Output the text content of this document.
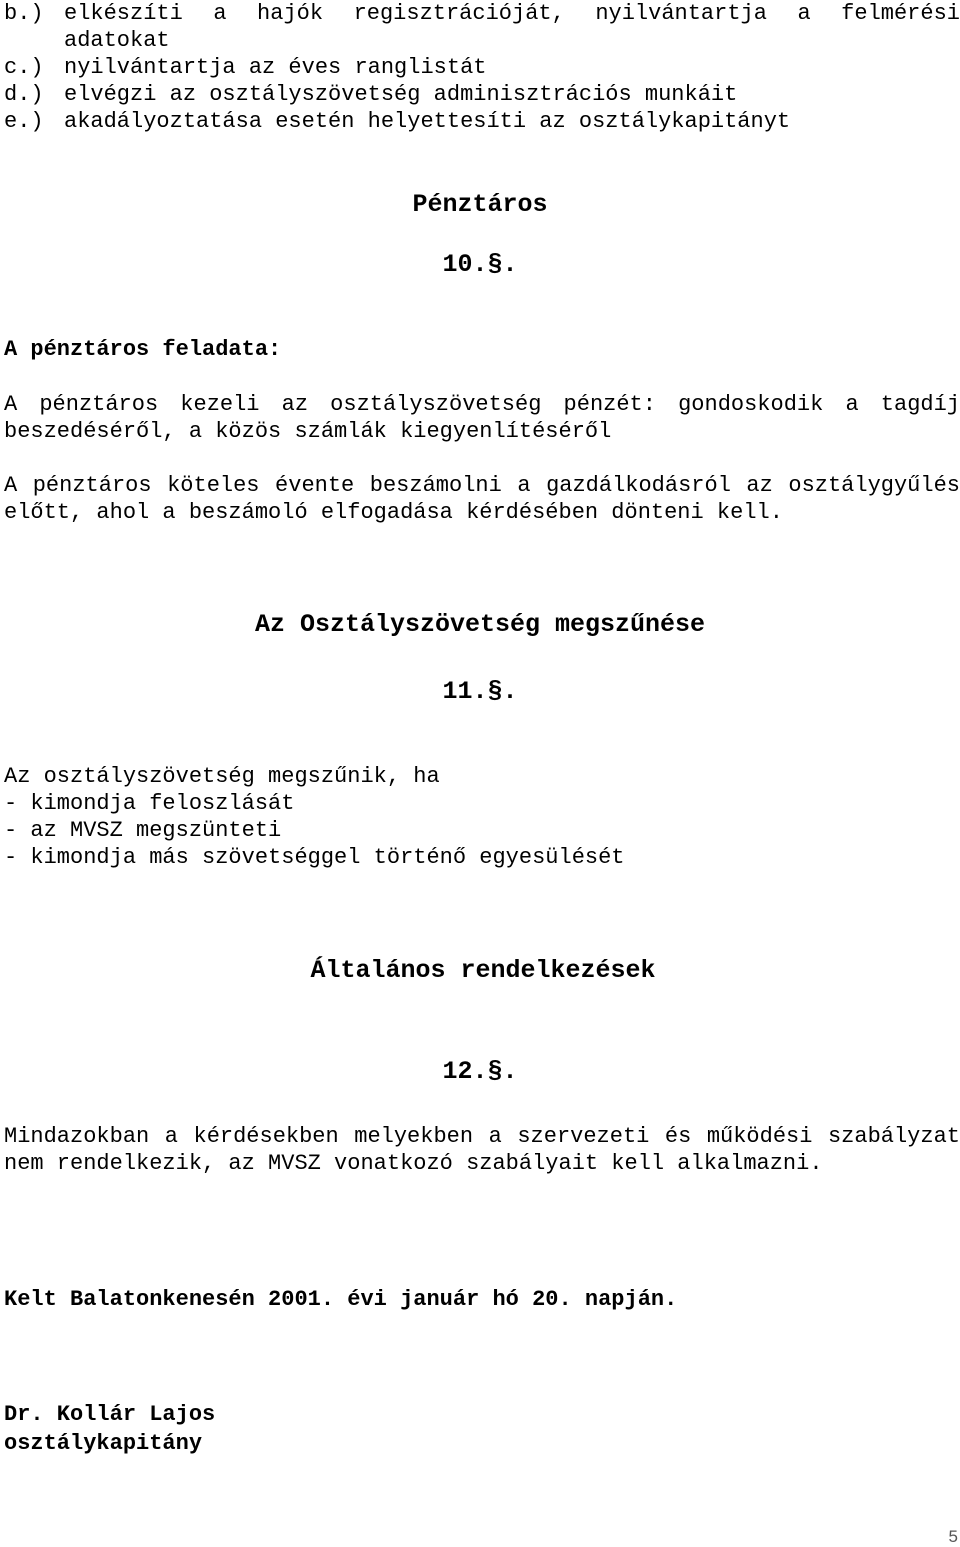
b.) elkészíti a hajók regisztrációját, nyilvántartja a felmérési adatokat
c.) nyilvántartja az éves ranglistát
d.) elvégzi az osztályszövetség adminisztrációs munkáit
e.) akadályoztatása esetén helyettesíti az osztálykapitányt
Pénztáros
10.§.

A pénztáros feladata:

A pénztáros kezeli az osztályszövetség pénzét: gondoskodik a tagdíj beszedéséről, a közös számlák kiegyenlítéséről

A pénztáros köteles évente beszámolni a gazdálkodásról az osztálygyűlés előtt, ahol a beszámoló elfogadása kérdésében dönteni kell.

Az Osztályszövetség megszűnése
11.§.
Az osztályszövetség megszűnik, ha
- kimondja feloszlását
- az MVSZ megszünteti
- kimondja más szövetséggel történő egyesülését
Általános rendelkezések
12.§.

Mindazokban a kérdésekben melyekben a szervezeti és működési szabályzat nem rendelkezik, az MVSZ vonatkozó szabályait kell alkalmazni.

Kelt Balatonkenesén 2001. évi január hó 20. napján.

Dr. Kollár Lajos

osztálykapitány

5
